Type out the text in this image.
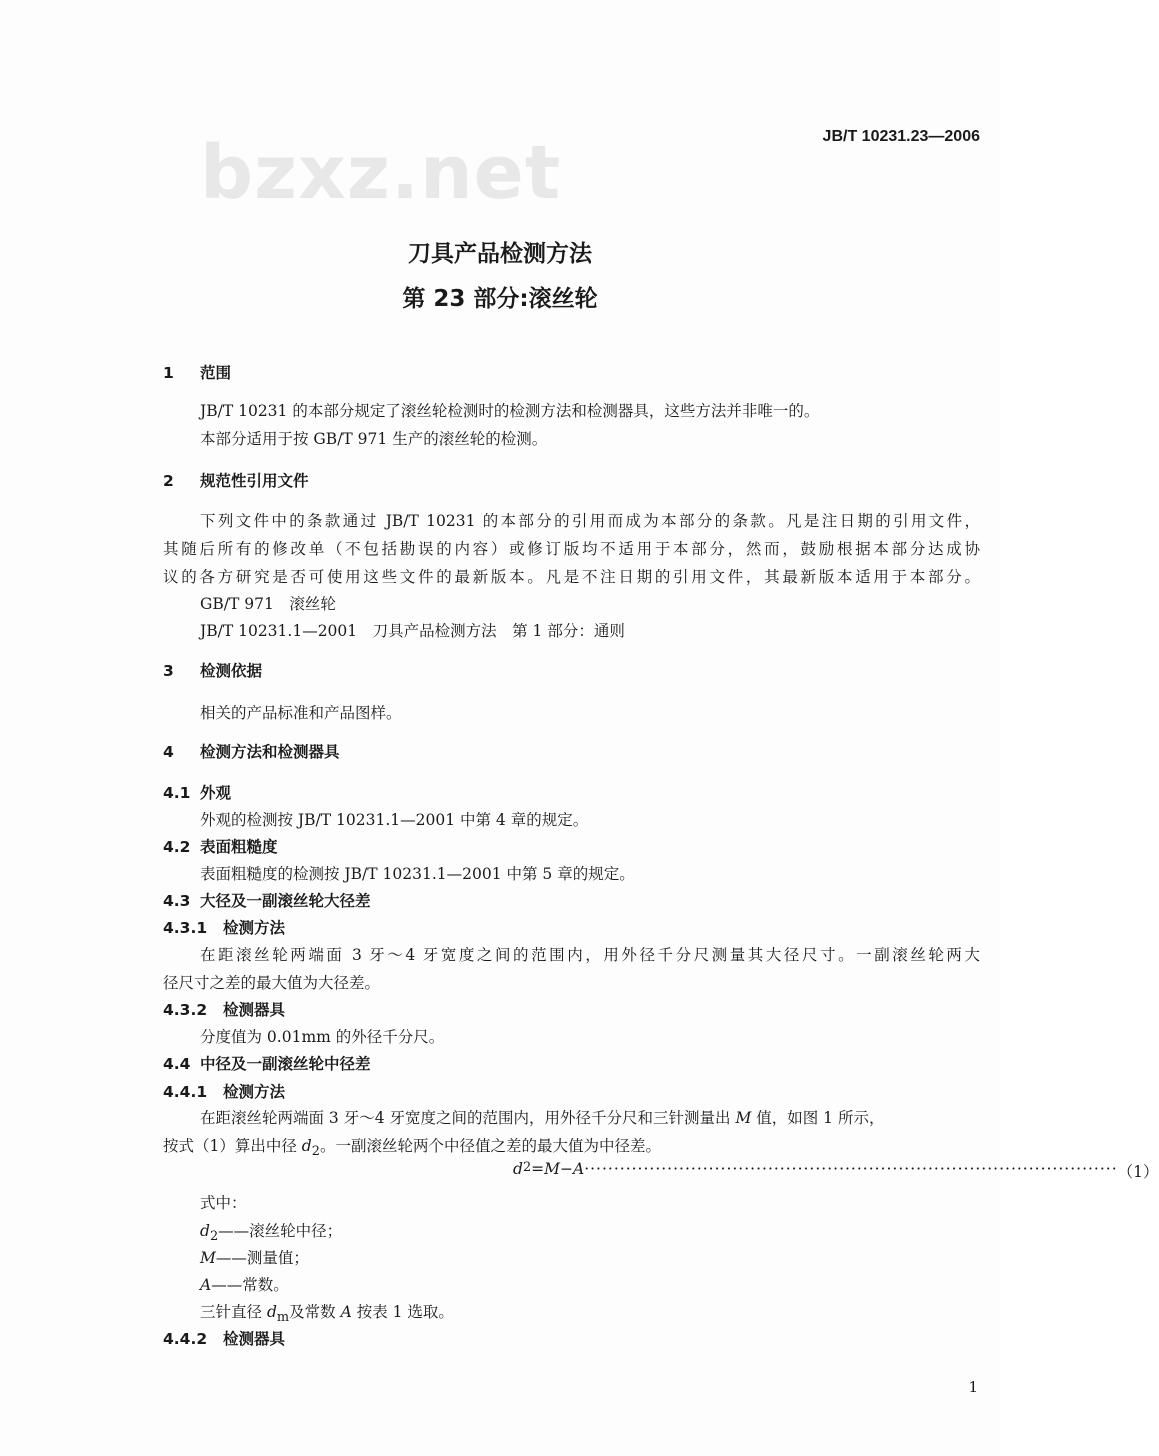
bzxz.net	JB/T 10231.23—2006
刀具产品检测方法
第 23 部分:滚丝轮
1 范围
JB/T 10231 的本部分规定了滚丝轮检测时的检测方法和检测器具，这些方法并非唯一的。
本部分适用于按 GB/T 971 生产的滚丝轮的检测。
2 规范性引用文件
下列文件中的条款通过 JB/T 10231 的本部分的引用而成为本部分的条款。凡是注日期的引用文件，
其随后所有的修改单（不包括勘误的内容）或修订版均不适用于本部分，然而，鼓励根据本部分达成协
议的各方研究是否可使用这些文件的最新版本。凡是不注日期的引用文件，其最新版本适用于本部分。
GB/T 971　滚丝轮
JB/T 10231.1—2001　刀具产品检测方法　第 1 部分：通则
3 检测依据
相关的产品标准和产品图样。
4 检测方法和检测器具
4.1 外观
外观的检测按 JB/T 10231.1—2001 中第 4 章的规定。
4.2 表面粗糙度
表面粗糙度的检测按 JB/T 10231.1—2001 中第 5 章的规定。
4.3 大径及一副滚丝轮大径差
4.3.1 检测方法
在距滚丝轮两端面 3 牙～4 牙宽度之间的范围内，用外径千分尺测量其大径尺寸。一副滚丝轮两大
径尺寸之差的最大值为大径差。
4.3.2 检测器具
分度值为 0.01mm 的外径千分尺。
4.4 中径及一副滚丝轮中径差
4.4.1 检测方法
在距滚丝轮两端面 3 牙～4 牙宽度之间的范围内，用外径千分尺和三针测量出 M 值，如图 1 所示，
按式（1）算出中径 $d_2$。一副滚丝轮两个中径值之差的最大值为中径差。
d 2 =M−A ·························································································· （1）
式中：
$d_2——$滚丝轮中径；
M——测量值；
A——常数。
三针直径 $d_m$及常数 A 按表 1 选取。
4.4.2 检测器具
1
